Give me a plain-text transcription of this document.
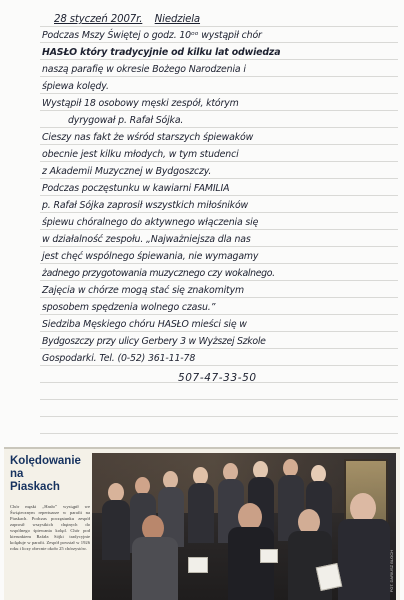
28 styczeń 2007r. Niedziela
Podczas Mszy Świętej o godz. 10ᵒᵒ wystąpił chór
HASŁO który tradycyjnie od kilku lat odwiedza
naszą parafię w okresie Bożego Narodzenia i
śpiewa kolędy.
Wystąpił 18 osobowy męski zespół, którym
dyrygował p. Rafał Sójka.
Cieszy nas fakt że wśród starszych śpiewaków
obecnie jest kilku młodych, w tym studenci
z Akademii Muzycznej w Bydgoszczy.
Podczas poczęstunku w kawiarni FAMILIA
p. Rafał Sójka zaprosił wszystkich miłośników
śpiewu chóralnego do aktywnego włączenia się
w działalność zespołu. „Najważniejsza dla nas
jest chęć wspólnego śpiewania, nie wymagamy
żadnego przygotowania muzycznego czy wokalnego.
Zajęcia w chórze mogą stać się znakomitym
sposobem spędzenia wolnego czasu.”
Siedziba Męskiego chóru HASŁO mieści się w
Bydgoszczy przy ulicy Gerbery 3 w Wyższej Szkole
Gospodarki. Tel. (0-52) 361-11-78
507-47-33-50
Kolędowanie
na
Piaskach
Chór męski „Hasło” wystąpił we Świątecznym repertuarze w parafii na Piaskach. Podczas poczęstunku zespół zaprosił wszystkich chętnych do wspólnego śpiewania kolęd. Chór pod kierunkiem Rafała Sójki tradycyjnie kolęduje w parafii. Zespół powstał w 1926 roku i liczy obecnie około 25 chórzystów.
FOT. DARIUSZ BLOCH
